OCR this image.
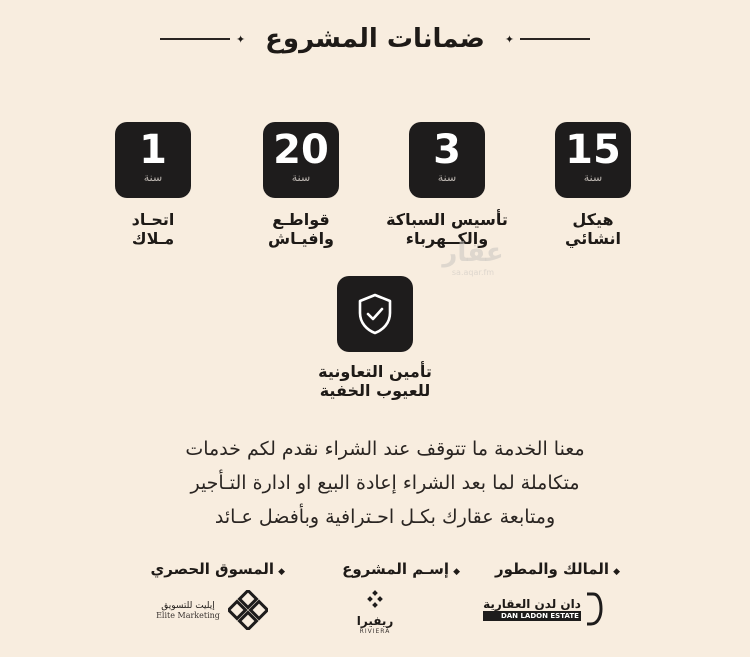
✦ ضمانات المشروع ✦
15
سنة
هيكل
انشائي
3
سنة
تأسيس السباكة
والكــهرباء
20
سنة
قواطـع
وافيـاش
1
سنة
اتحـاد
مـلاك	عقار
sa.aqar.fm
تأمين التعاونية
للعيوب الخفية
معنا الخدمة ما تتوقف عند الشراء نقدم لكم خدمات
متكاملة لما بعد الشراء إعادة البيع او ادارة التـأجير
ومتابعة عقارك بكـل احـترافية وبأفضل عـائد
◆المالك والمطور
◆إسـم المشروع
◆المسوق الحصري
دان لدن العقارية
DAN LADON ESTATE
ريفيرا
RIVIERA
إيليت للتسويق
Elite Marketing
